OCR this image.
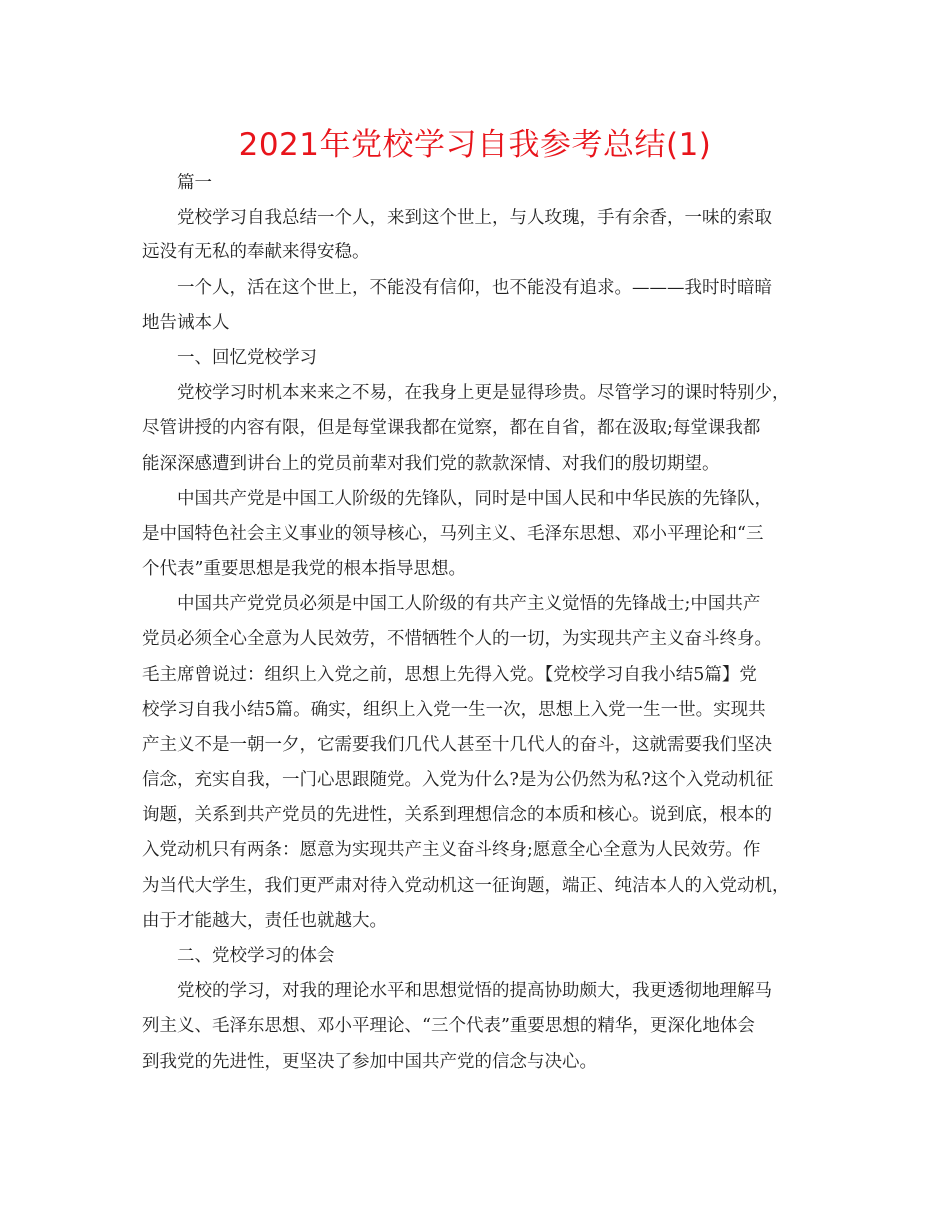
2021年党校学习自我参考总结(1)
篇一
党校学习自我总结一个人，来到这个世上，与人玫瑰，手有余香，一味的索取
远没有无私的奉献来得安稳。
一个人，活在这个世上，不能没有信仰，也不能没有追求。———我时时暗暗
地告诫本人
一、回忆党校学习
党校学习时机本来来之不易，在我身上更是显得珍贵。尽管学习的课时特别少，
尽管讲授的内容有限，但是每堂课我都在觉察，都在自省，都在汲取;每堂课我都
能深深感遭到讲台上的党员前辈对我们党的款款深情、对我们的殷切期望。
中国共产党是中国工人阶级的先锋队，同时是中国人民和中华民族的先锋队，
是中国特色社会主义事业的领导核心，马列主义、毛泽东思想、邓小平理论和“三
个代表”重要思想是我党的根本指导思想。
中国共产党党员必须是中国工人阶级的有共产主义觉悟的先锋战士;中国共产
党员必须全心全意为人民效劳，不惜牺牲个人的一切，为实现共产主义奋斗终身。
毛主席曾说过：组织上入党之前，思想上先得入党。【党校学习自我小结5篇】党
校学习自我小结5篇。确实，组织上入党一生一次，思想上入党一生一世。实现共
产主义不是一朝一夕，它需要我们几代人甚至十几代人的奋斗，这就需要我们坚决
信念，充实自我，一门心思跟随党。入党为什么?是为公仍然为私?这个入党动机征
询题，关系到共产党员的先进性，关系到理想信念的本质和核心。说到底，根本的
入党动机只有两条：愿意为实现共产主义奋斗终身;愿意全心全意为人民效劳。作
为当代大学生，我们更严肃对待入党动机这一征询题，端正、纯洁本人的入党动机，
由于才能越大，责任也就越大。
二、党校学习的体会
党校的学习，对我的理论水平和思想觉悟的提高协助颇大，我更透彻地理解马
列主义、毛泽东思想、邓小平理论、“三个代表”重要思想的精华，更深化地体会
到我党的先进性，更坚决了参加中国共产党的信念与决心。
